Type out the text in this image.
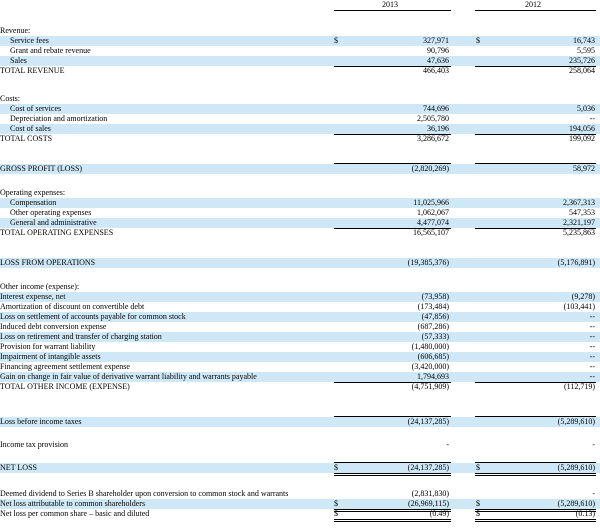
2013	2012
Revenue:
Service fees	$	327,971	$	16,743
Grant and rebate revenue	90,796	5,595
Sales	47,636	235,726
TOTAL REVENUE	466,403	258,064
Costs:
Cost of services	744,696	5,036
Depreciation and amortization	2,505,780	--
Cost of sales	36,196	194,056
TOTAL COSTS	3,286,672	199,092
GROSS PROFIT (LOSS)	(2,820,269)	58,972
Operating expenses:
Compensation	11,025,966	2,367,313
Other operating expenses	1,062,067	547,353
General and administrative	4,477,074	2,321,197
TOTAL OPERATING EXPENSES	16,565,107	5,235,863
LOSS FROM OPERATIONS	(19,385,376)	(5,176,891)
Other income (expense):
Interest expense, net	(73,958)	(9,278)
Amortization of discount on convertible debt	(173,484)	(103,441)
Loss on settlement of accounts payable for common stock	(47,856)	--
Induced debt conversion expense	(687,286)	--
Loss on retirement and transfer of charging station	(57,333)	--
Provision for warrant liability	(1,480,000)	--
Impairment of intangible assets	(606,685)	--
Financing agreement settlement expense	(3,420,000)	--
Gain on change in fair value of derivative warrant liability and warrants payable	1,794,693	--
TOTAL OTHER INCOME (EXPENSE)	(4,751,909)	(112,719)
Loss before income taxes	(24,137,285)	(5,289,610)
Income tax provision	-	-
NET LOSS	$	(24,137,285)	$	(5,289,610)
Deemed dividend to Series B shareholder upon conversion to common stock and warrants	(2,831,830)	-
Net loss attributable to common shareholders	$	(26,969,115)	$	(5,289,610)
Net loss per common share – basic and diluted	$	(0.49)	$	(0.13)
